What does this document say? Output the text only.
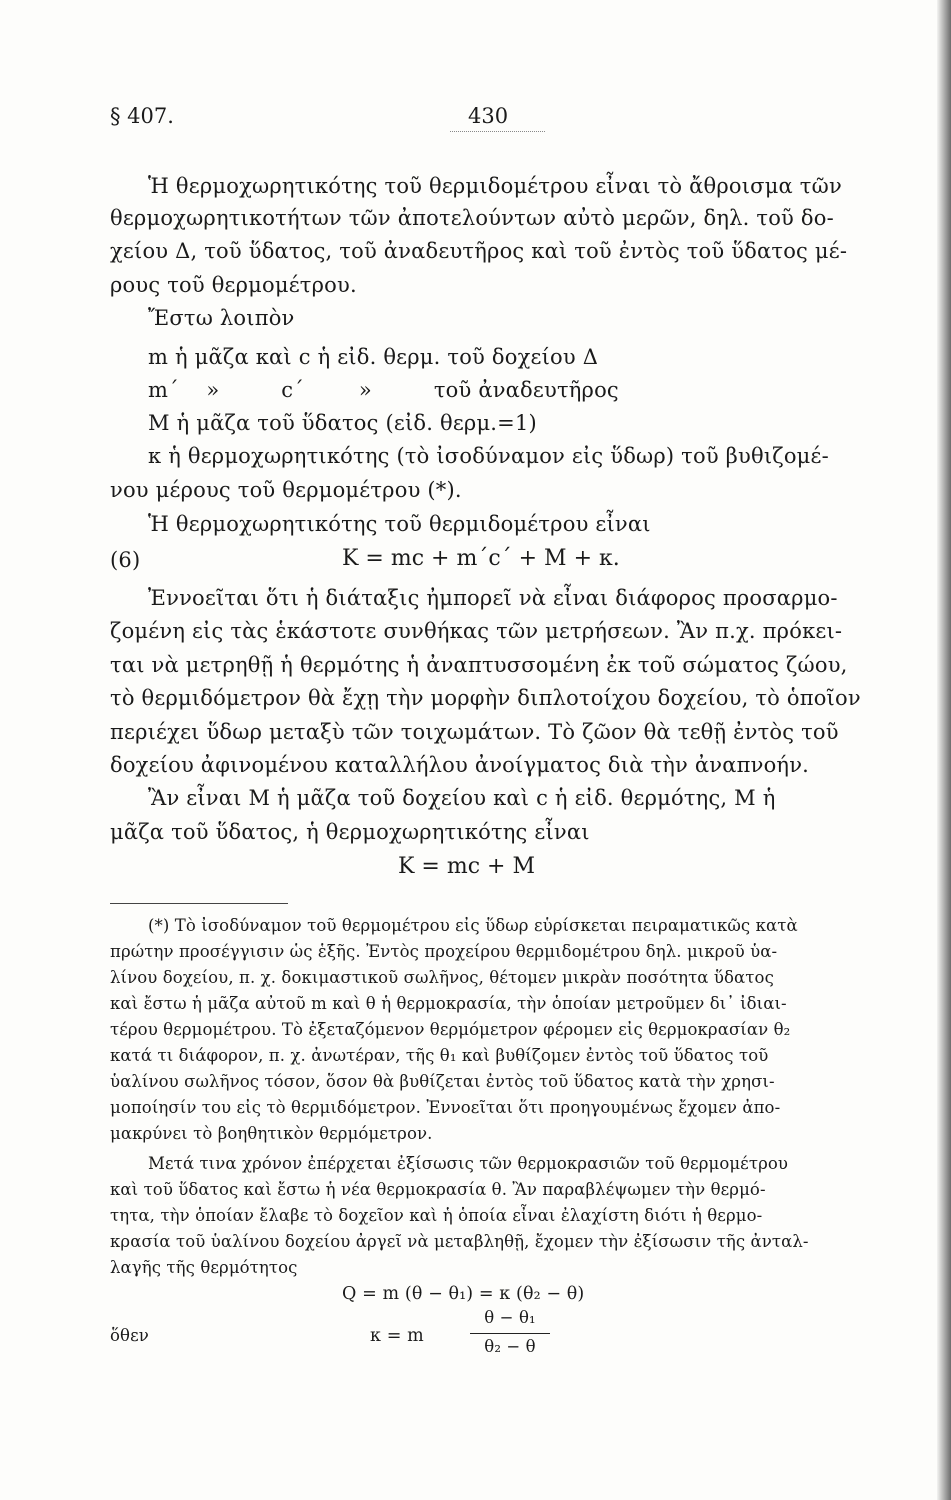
§ 407.	430
Ἡ θερμοχωρητικότης τοῦ θερμιδομέτρου εἶναι τὸ ἄθροισμα τῶν
θερμοχωρητικοτήτων τῶν ἀποτελούντων αὐτὸ μερῶν, δηλ. τοῦ δο-
χείου Δ, τοῦ ὕδατος, τοῦ ἀναδευτῆρος καὶ τοῦ ἐντὸς τοῦ ὕδατος μέ-
ρους τοῦ θερμομέτρου.
Ἔστω λοιπὸν
m ἡ μᾶζα καὶ c ἡ εἰδ. θερμ. τοῦ δοχείου Δ
m΄    »         c΄        »         τοῦ ἀναδευτῆρος
M ἡ μᾶζα τοῦ ὕδατος (εἰδ. θερμ.=1)
κ ἡ θερμοχωρητικότης (τὸ ἰσοδύναμον εἰς ὕδωρ) τοῦ βυθιζομέ-
νου μέρους τοῦ θερμομέτρου (*).
Ἡ θερμοχωρητικότης τοῦ θερμιδομέτρου εἶναι
(6)	K = mc + m΄c΄ + M + κ.
Ἐννοεῖται ὅτι ἡ διάταξις ἠμπορεῖ νὰ εἶναι διάφορος προσαρμο-
ζομένη εἰς τὰς ἑκάστοτε συνθήκας τῶν μετρήσεων. Ἂν π.χ. πρόκει-
ται νὰ μετρηθῇ ἡ θερμότης ἡ ἀναπτυσσομένη ἐκ τοῦ σώματος ζώου,
τὸ θερμιδόμετρον θὰ ἔχῃ τὴν μορφὴν διπλοτοίχου δοχείου, τὸ ὁποῖον
περιέχει ὕδωρ μεταξὺ τῶν τοιχωμάτων. Τὸ ζῶον θὰ τεθῇ ἐντὸς τοῦ
δοχείου ἀφινομένου καταλλήλου ἀνοίγματος διὰ τὴν ἀναπνοήν.
Ἂν εἶναι M ἡ μᾶζα τοῦ δοχείου καὶ c ἡ εἰδ. θερμότης, M ἡ
μᾶζα τοῦ ὕδατος, ἡ θερμοχωρητικότης εἶναι
K = mc + M
(*) Τὸ ἰσοδύναμον τοῦ θερμομέτρου εἰς ὕδωρ εὑρίσκεται πειραματικῶς κατὰ
πρώτην προσέγγισιν ὡς ἑξῆς. Ἐντὸς προχείρου θερμιδομέτρου δηλ. μικροῦ ὑα-
λίνου δοχείου, π. χ. δοκιμαστικοῦ σωλῆνος, θέτομεν μικρὰν ποσότητα ὕδατος
καὶ ἔστω ἡ μᾶζα αὐτοῦ m καὶ θ ἡ θερμοκρασία, τὴν ὁποίαν μετροῦμεν δι᾽ ἰδιαι-
τέρου θερμομέτρου. Τὸ ἐξεταζόμενον θερμόμετρον φέρομεν εἰς θερμοκρασίαν θ₂
κατά τι διάφορον, π. χ. ἀνωτέραν, τῆς θ₁ καὶ βυθίζομεν ἐντὸς τοῦ ὕδατος τοῦ
ὑαλίνου σωλῆνος τόσον, ὅσον θὰ βυθίζεται ἐντὸς τοῦ ὕδατος κατὰ τὴν χρησι-
μοποίησίν του εἰς τὸ θερμιδόμετρον. Ἐννοεῖται ὅτι προηγουμένως ἔχομεν ἀπο-
μακρύνει τὸ βοηθητικὸν θερμόμετρον.
Μετά τινα χρόνον ἐπέρχεται ἐξίσωσις τῶν θερμοκρασιῶν τοῦ θερμομέτρου
καὶ τοῦ ὕδατος καὶ ἔστω ἡ νέα θερμοκρασία θ. Ἂν παραβλέψωμεν τὴν θερμό-
τητα, τὴν ὁποίαν ἔλαβε τὸ δοχεῖον καὶ ἡ ὁποία εἶναι ἐλαχίστη διότι ἡ θερμο-
κρασία τοῦ ὑαλίνου δοχείου ἀργεῖ νὰ μεταβληθῇ, ἔχομεν τὴν ἐξίσωσιν τῆς ἀνταλ-
λαγῆς τῆς θερμότητος
Q = m (θ − θ₁) = κ (θ₂ − θ)
ὅθεν	κ = m
θ − θ₁
θ₂ − θ
